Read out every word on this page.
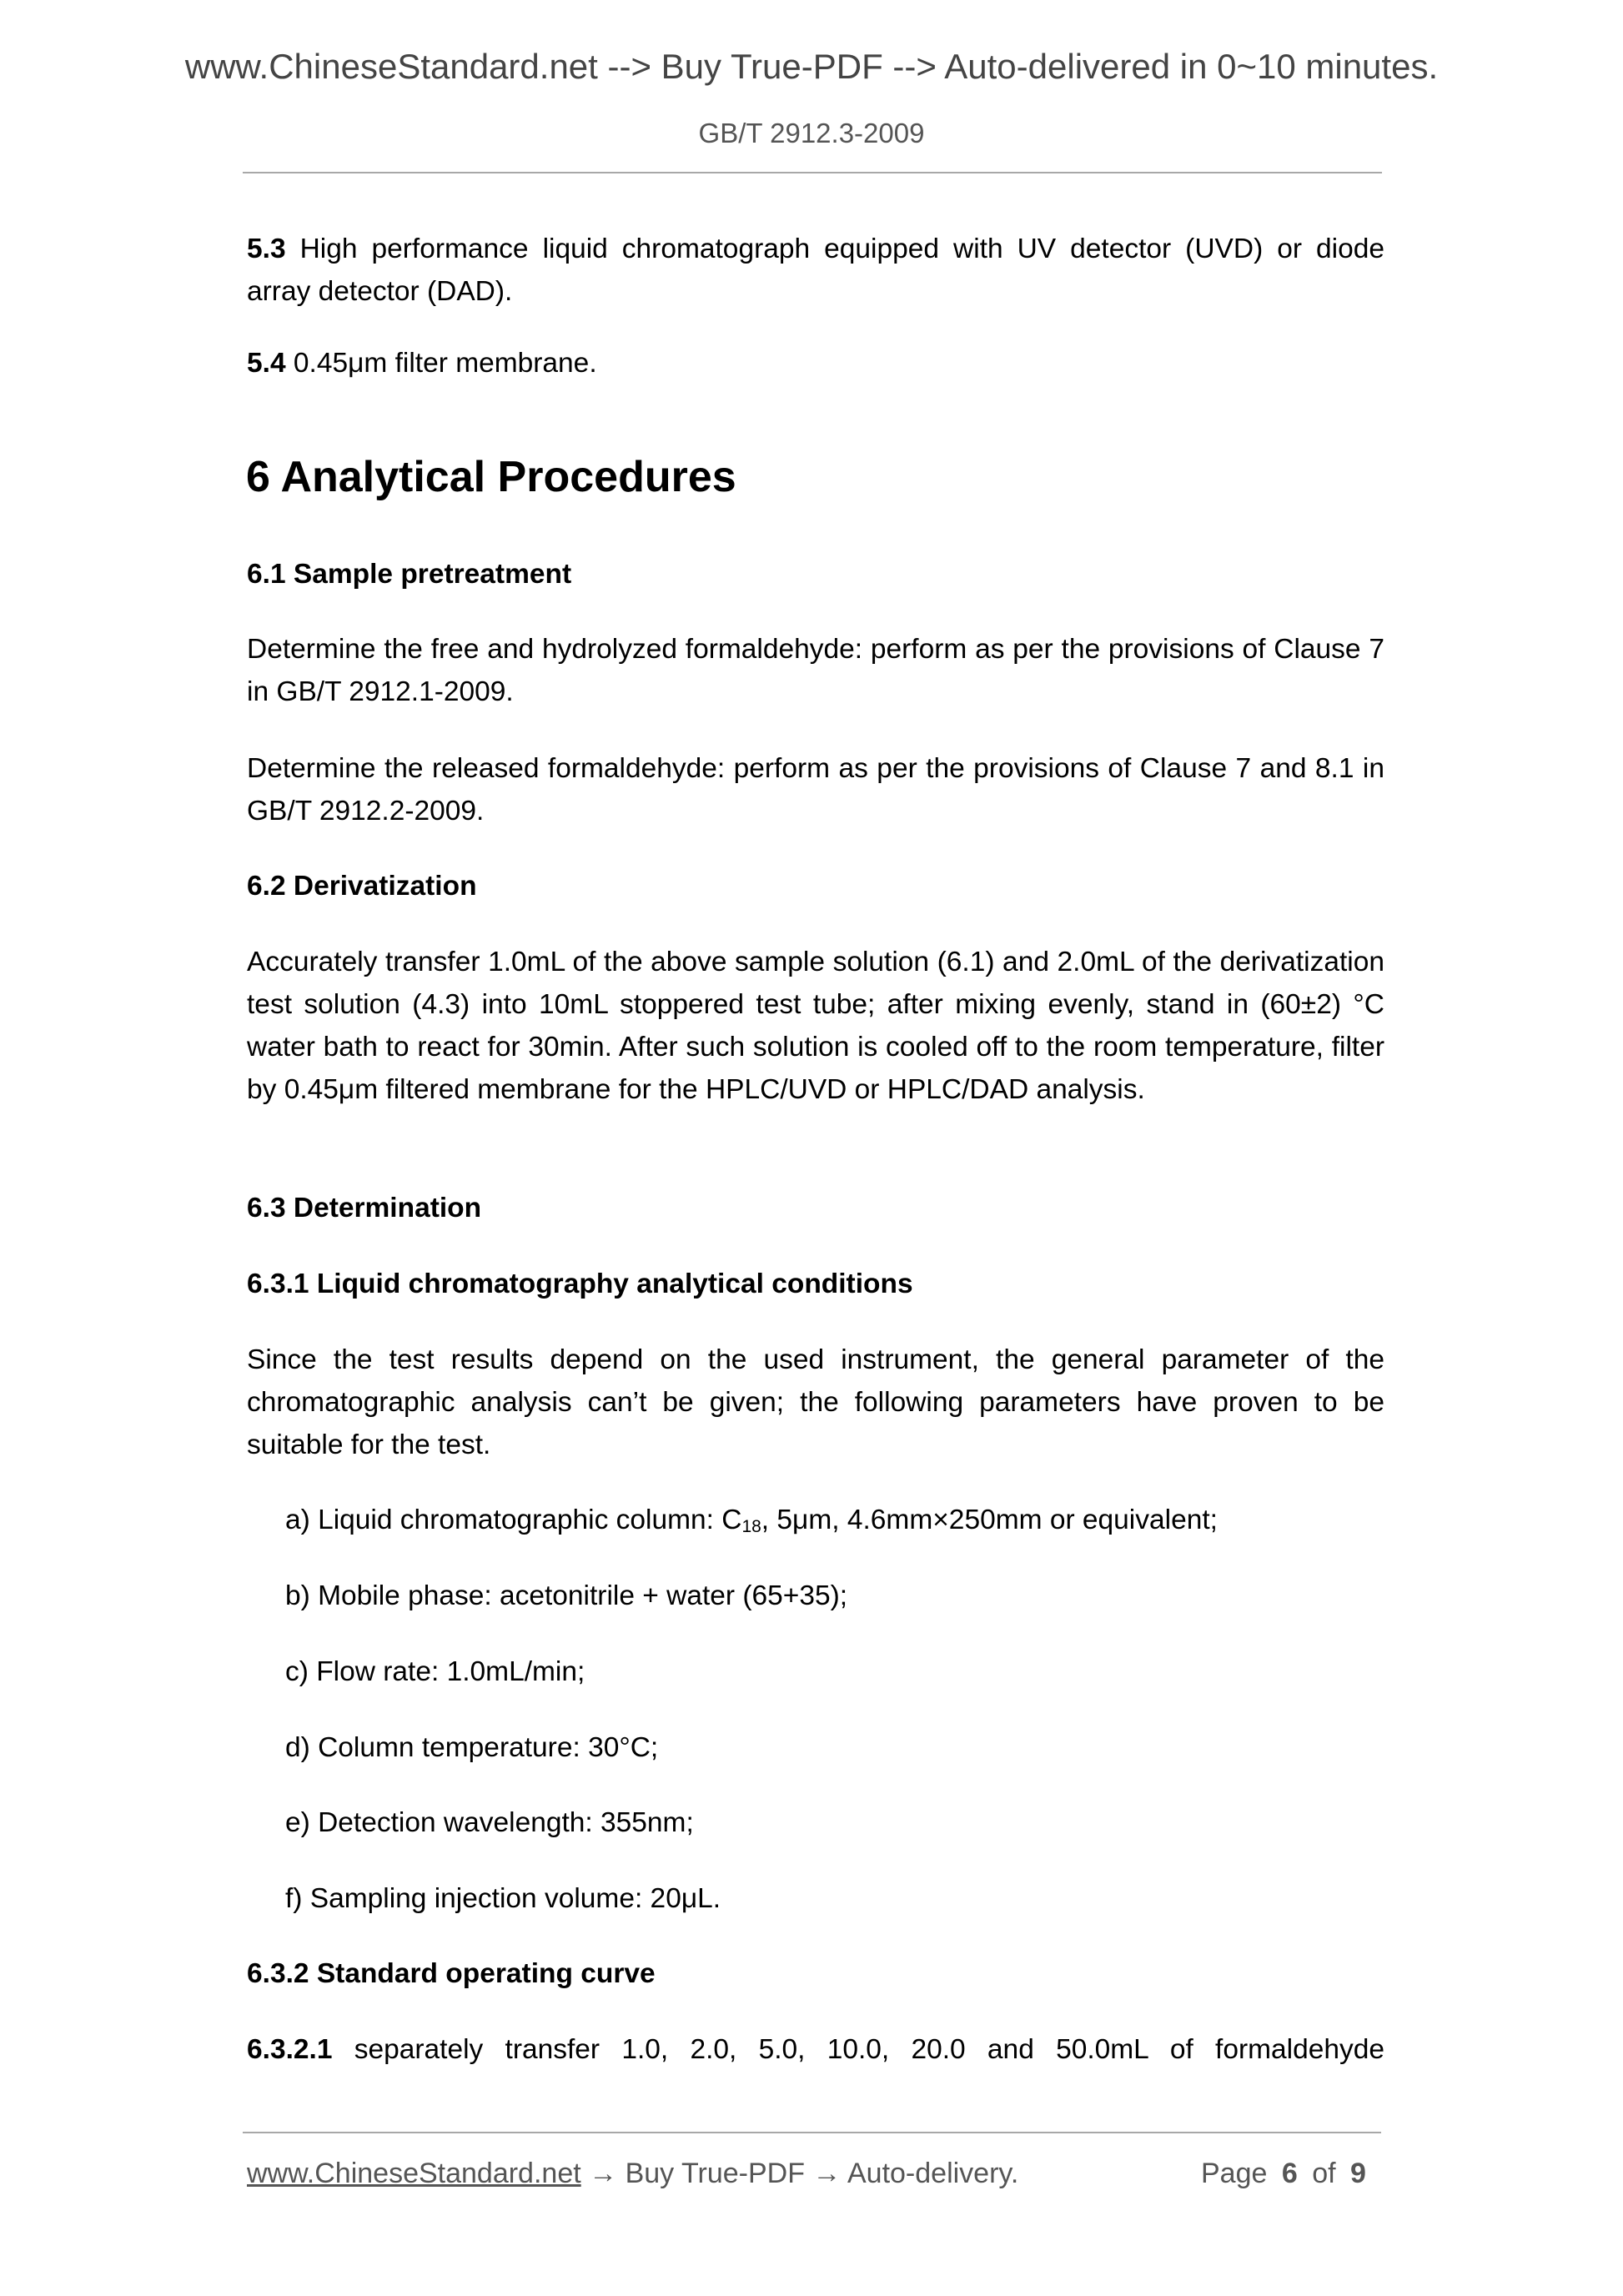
www.ChineseStandard.net --> Buy True-PDF --> Auto-delivered in 0~10 minutes.
GB/T 2912.3-2009
5.3 High performance liquid chromatograph equipped with UV detector (UVD) or diode array detector (DAD).
5.4 0.45μm filter membrane.
6 Analytical Procedures
6.1 Sample pretreatment
Determine the free and hydrolyzed formaldehyde: perform as per the provisions of Clause 7 in GB/T 2912.1-2009.
Determine the released formaldehyde: perform as per the provisions of Clause 7 and 8.1 in GB/T 2912.2-2009.
6.2 Derivatization
Accurately transfer 1.0mL of the above sample solution (6.1) and 2.0mL of the derivatization test solution (4.3) into 10mL stoppered test tube; after mixing evenly, stand in (60±2) °C water bath to react for 30min. After such solution is cooled off to the room temperature, filter by 0.45μm filtered membrane for the HPLC/UVD or HPLC/DAD analysis.
6.3 Determination
6.3.1 Liquid chromatography analytical conditions
Since the test results depend on the used instrument, the general parameter of the chromatographic analysis can’t be given; the following parameters have proven to be suitable for the test.
a) Liquid chromatographic column: $C_{18}$, 5μm, 4.6mm×250mm or equivalent;
b) Mobile phase: acetonitrile + water (65+35);
c) Flow rate: 1.0mL/min;
d) Column temperature: 30°C;
e) Detection wavelength: 355nm;
f) Sampling injection volume: 20μL.
6.3.2 Standard operating curve
6.3.2.1 separately transfer 1.0, 2.0, 5.0, 10.0, 20.0 and 50.0mL of formaldehyde
www.ChineseStandard.net → Buy True-PDF → Auto-delivery.	Page 6 of 9
